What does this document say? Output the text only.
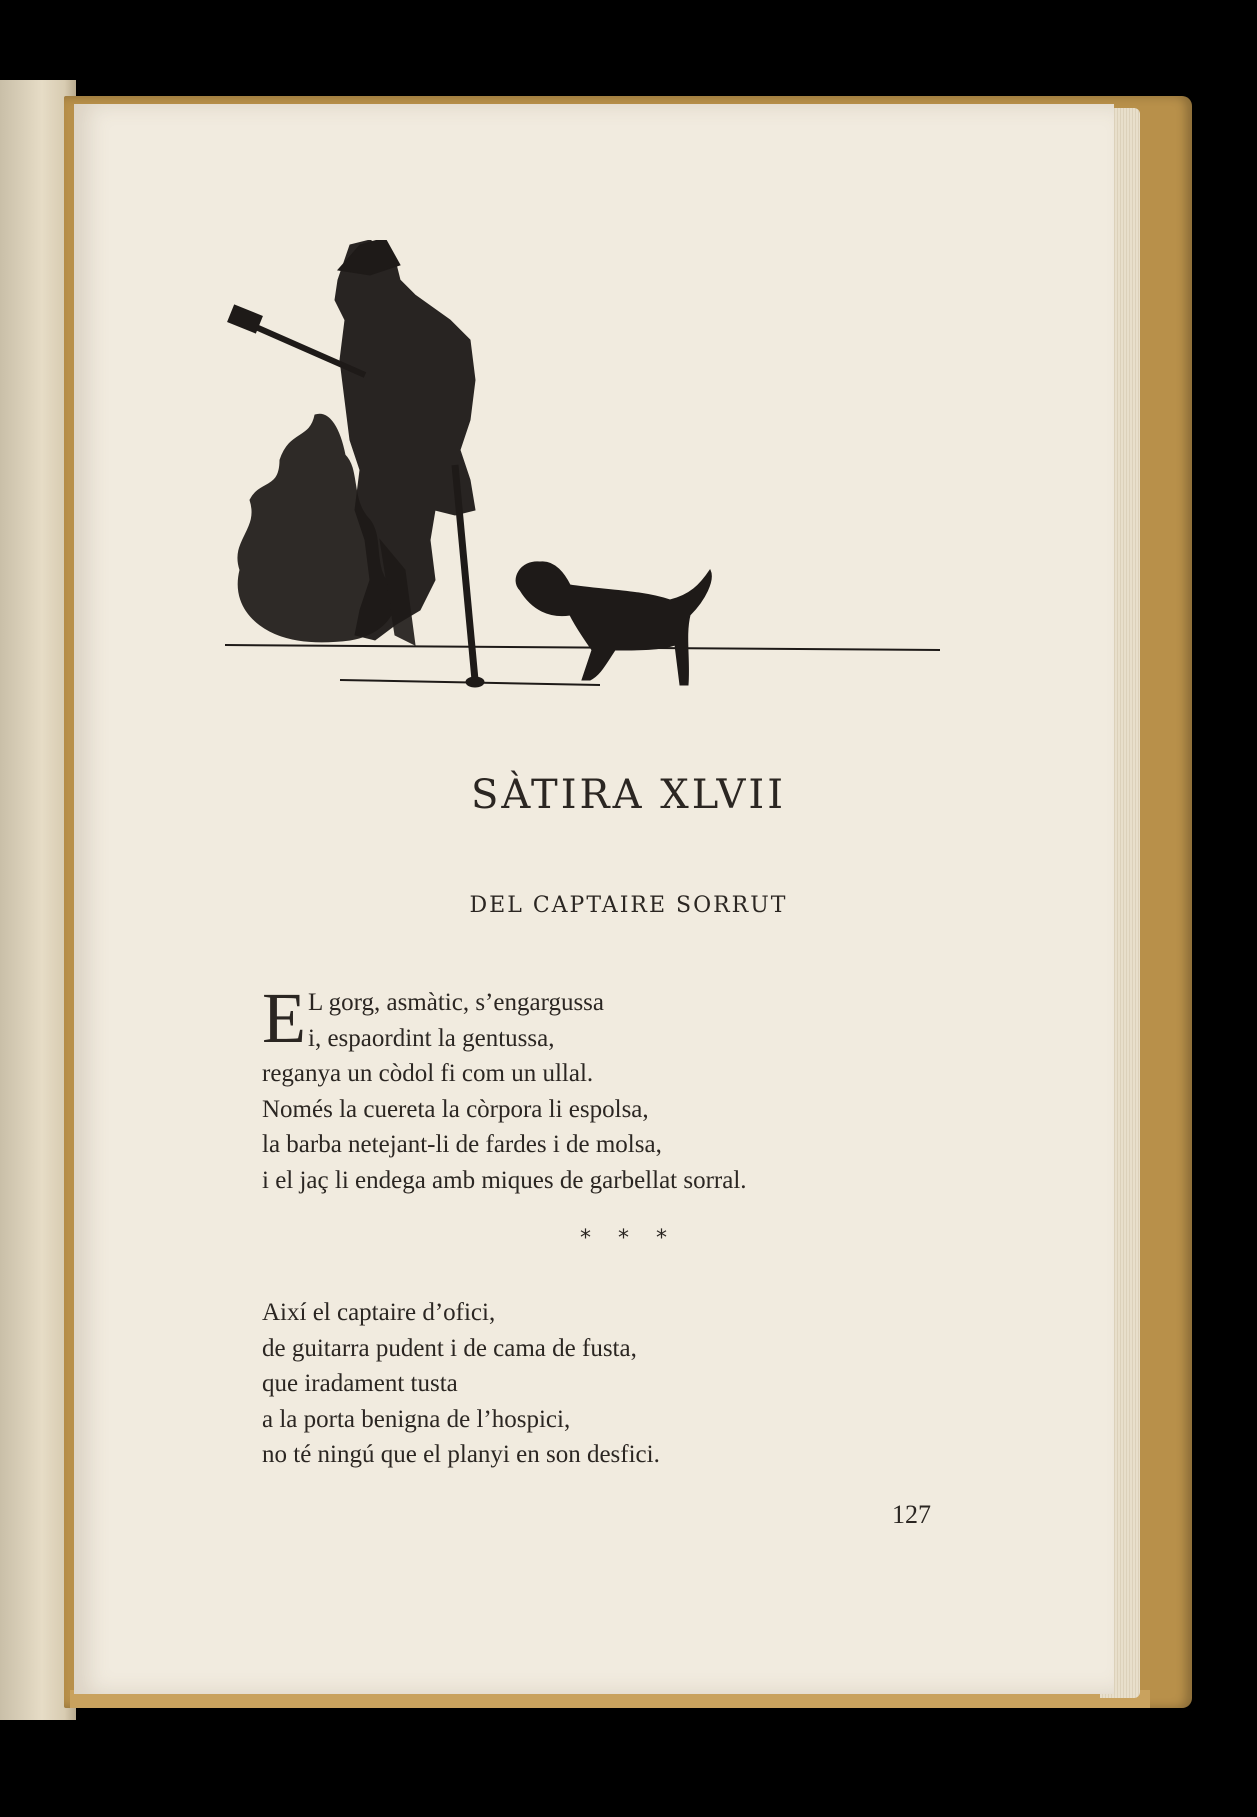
SÀTIRA XLVII
DEL CAPTAIRE SORRUT
E L gorg, asmàtic, s’engargussa
i, espaordint la gentussa,
reganya un còdol fi com un ullal.
Només la cuereta la còrpora li espolsa,
la barba netejant-li de fardes i de molsa,
i el jaç li endega amb miques de garbellat sorral.
* * *
Així el captaire d’ofici,
de guitarra pudent i de cama de fusta,
que iradament tusta
a la porta benigna de l’hospici,
no té ningú que el planyi en son desfici.
127
